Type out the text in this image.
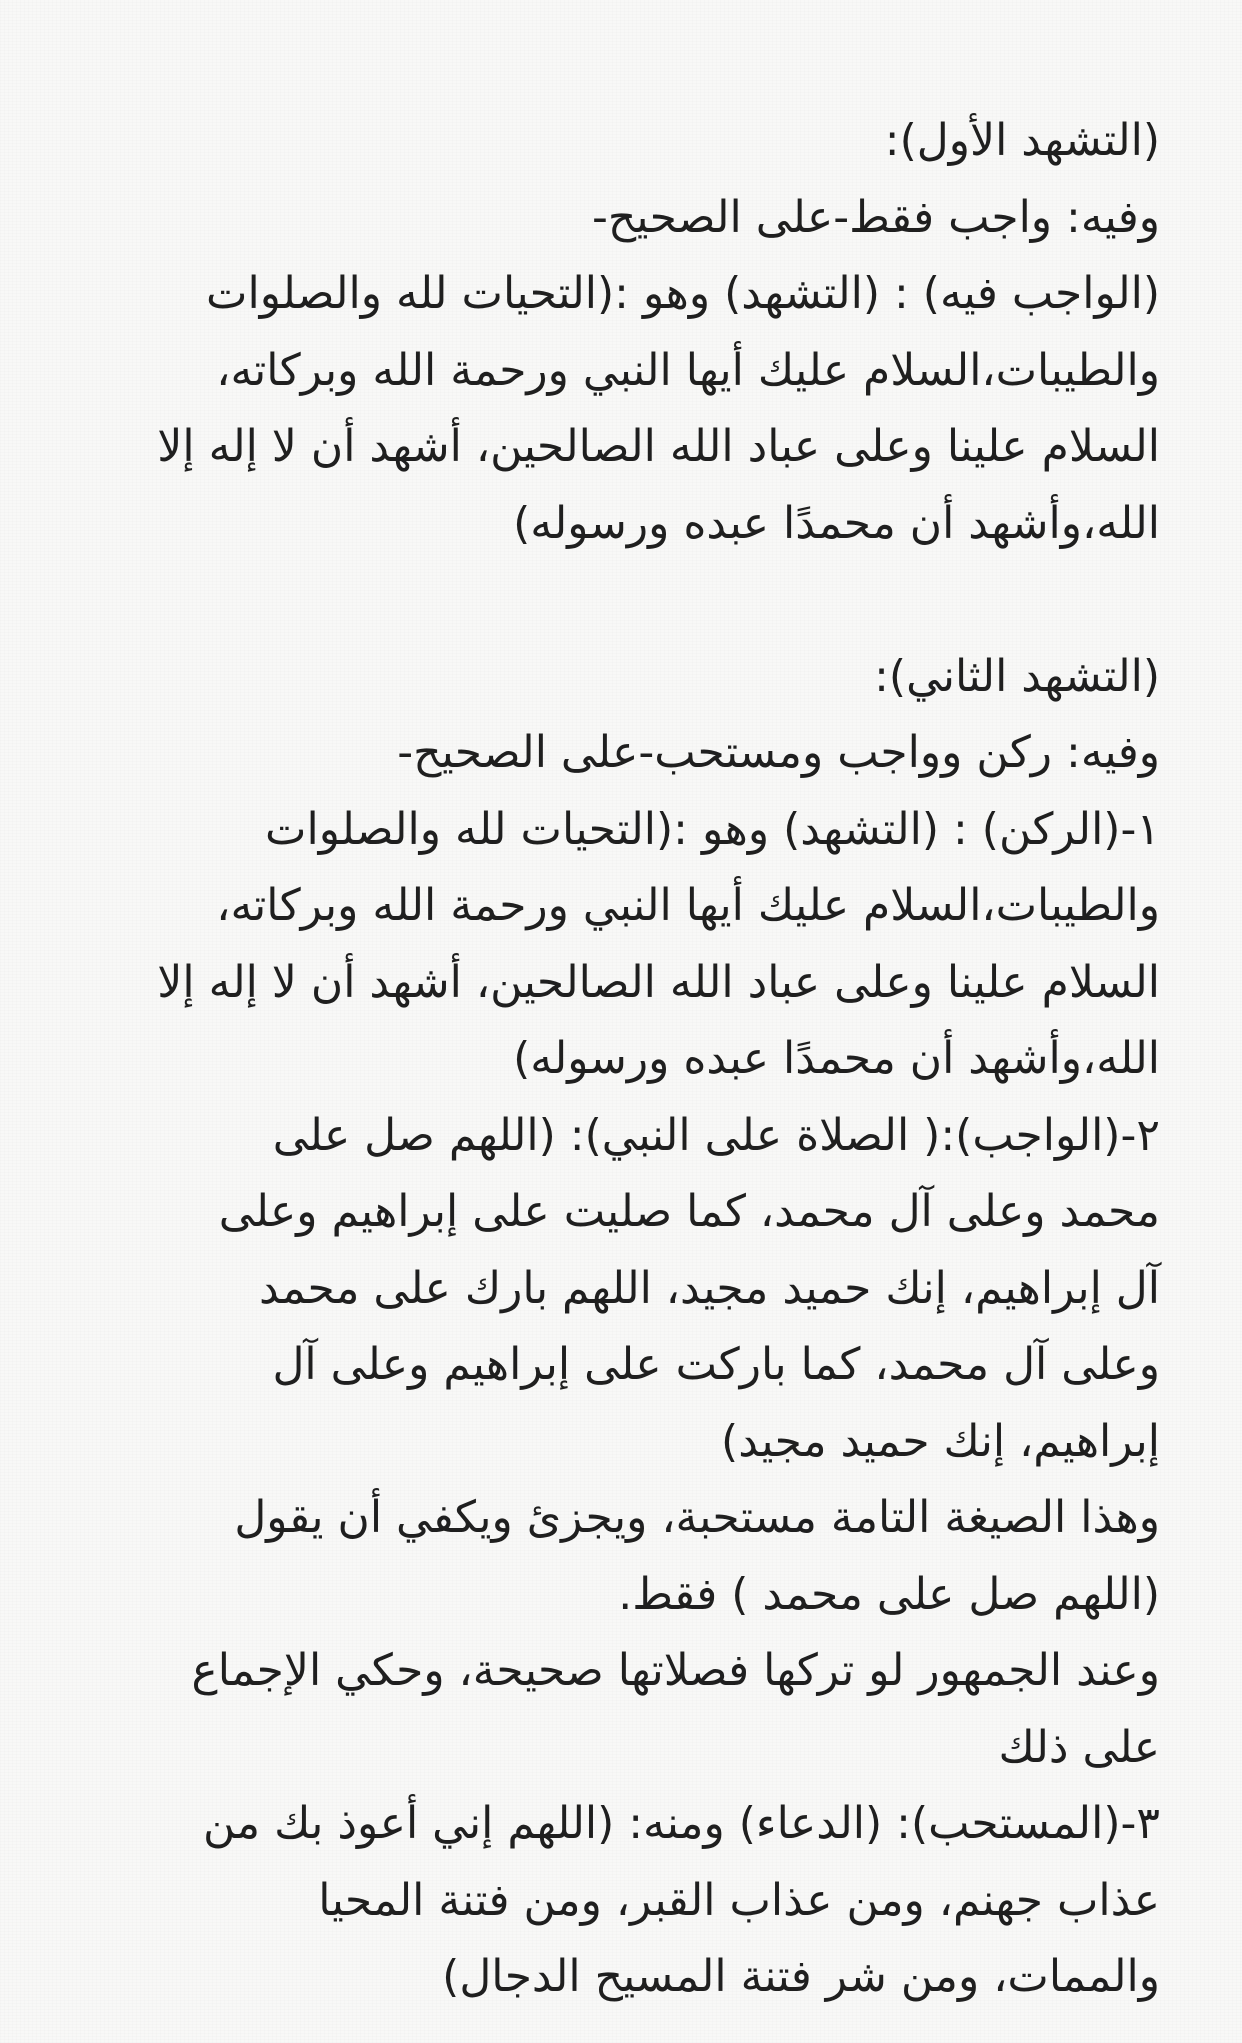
(التشهد الأول):
وفيه: واجب فقط-على الصحيح-
(الواجب فيه) : (التشهد) وهو :(التحيات لله والصلوات
والطيبات،السلام عليك أيها النبي ورحمة الله وبركاته،
السلام علينا وعلى عباد الله الصالحين، أشهد أن لا إله إلا
الله،وأشهد أن محمدًا عبده ورسوله)
(التشهد الثاني):
وفيه: ركن وواجب ومستحب-على الصحيح-
١-(الركن) : (التشهد) وهو :(التحيات لله والصلوات
والطيبات،السلام عليك أيها النبي ورحمة الله وبركاته،
السلام علينا وعلى عباد الله الصالحين، أشهد أن لا إله إلا
الله،وأشهد أن محمدًا عبده ورسوله)
٢-(الواجب):( الصلاة على النبي): (اللهم صل على
محمد وعلى آل محمد، كما صليت على إبراهيم وعلى
آل إبراهيم، إنك حميد مجيد، اللهم بارك على محمد
وعلى آل محمد، كما باركت على إبراهيم وعلى آل
إبراهيم، إنك حميد مجيد)
وهذا الصيغة التامة مستحبة، ويجزئ ويكفي أن يقول
(اللهم صل على محمد ) فقط.
وعند الجمهور لو تركها فصلاتها صحيحة، وحكي الإجماع
على ذلك
٣-(المستحب): (الدعاء) ومنه: (اللهم إني أعوذ بك من
عذاب جهنم، ومن عذاب القبر، ومن فتنة المحيا
والممات، ومن شر فتنة المسيح الدجال)
